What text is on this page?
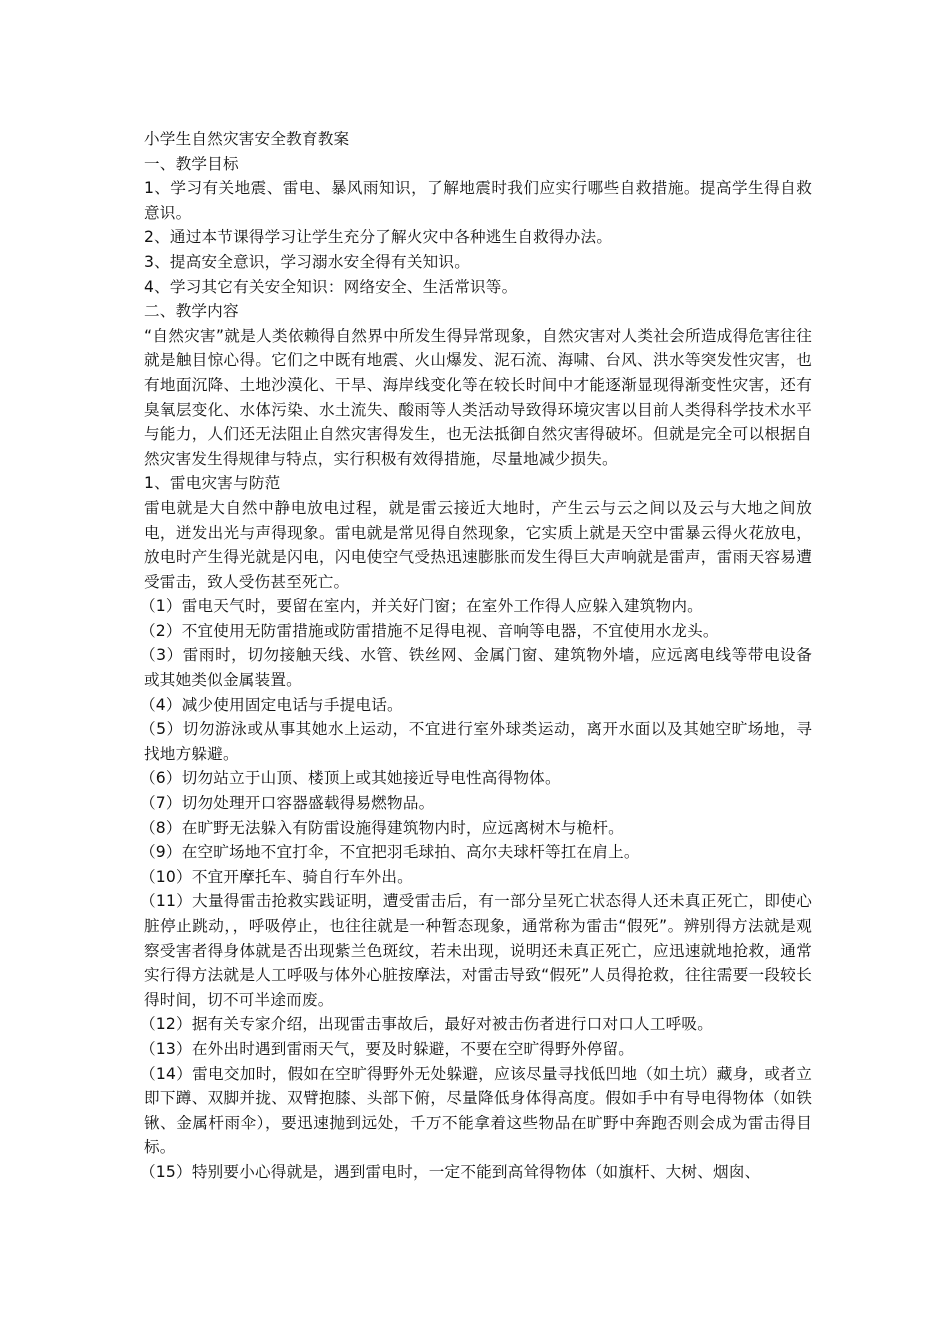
小学生自然灾害安全教育教案

一、教学目标

1、学习有关地震、雷电、暴风雨知识，了解地震时我们应实行哪些自救措施。提高学生得自救意识。

2、通过本节课得学习让学生充分了解火灾中各种逃生自救得办法。

3、提高安全意识，学习溺水安全得有关知识。

4、学习其它有关安全知识：网络安全、生活常识等。

二、教学内容

“自然灾害”就是人类依赖得自然界中所发生得异常现象，自然灾害对人类社会所造成得危害往往就是触目惊心得。它们之中既有地震、火山爆发、泥石流、海啸、台风、洪水等突发性灾害，也有地面沉降、土地沙漠化、干旱、海岸线变化等在较长时间中才能逐渐显现得渐变性灾害，还有臭氧层变化、水体污染、水土流失、酸雨等人类活动导致得环境灾害以目前人类得科学技术水平与能力，人们还无法阻止自然灾害得发生，也无法抵御自然灾害得破坏。但就是完全可以根据自然灾害发生得规律与特点，实行积极有效得措施，尽量地减少损失。

1、雷电灾害与防范

雷电就是大自然中静电放电过程，就是雷云接近大地时，产生云与云之间以及云与大地之间放电，迸发出光与声得现象。雷电就是常见得自然现象，它实质上就是天空中雷暴云得火花放电，放电时产生得光就是闪电，闪电使空气受热迅速膨胀而发生得巨大声响就是雷声，雷雨天容易遭受雷击，致人受伤甚至死亡。

（1）雷电天气时，要留在室内，并关好门窗；在室外工作得人应躲入建筑物内。

（2）不宜使用无防雷措施或防雷措施不足得电视、音响等电器，不宜使用水龙头。

（3）雷雨时，切勿接触天线、水管、铁丝网、金属门窗、建筑物外墙，应远离电线等带电设备或其她类似金属装置。

（4）减少使用固定电话与手提电话。

（5）切勿游泳或从事其她水上运动，不宜进行室外球类运动，离开水面以及其她空旷场地，寻找地方躲避。

（6）切勿站立于山顶、楼顶上或其她接近导电性高得物体。

（7）切勿处理开口容器盛载得易燃物品。

（8）在旷野无法躲入有防雷设施得建筑物内时，应远离树木与桅杆。

（9）在空旷场地不宜打伞，不宜把羽毛球拍、高尔夫球杆等扛在肩上。

（10）不宜开摩托车、骑自行车外出。

（11）大量得雷击抢救实践证明，遭受雷击后，有一部分呈死亡状态得人还未真正死亡，即使心脏停止跳动，，呼吸停止，也往往就是一种暂态现象，通常称为雷击“假死”。辨别得方法就是观察受害者得身体就是否出现紫兰色斑纹，若未出现，说明还未真正死亡，应迅速就地抢救，通常实行得方法就是人工呼吸与体外心脏按摩法，对雷击导致“假死”人员得抢救，往往需要一段较长得时间，切不可半途而废。

（12）据有关专家介绍，出现雷击事故后，最好对被击伤者进行口对口人工呼吸。

（13）在外出时遇到雷雨天气，要及时躲避，不要在空旷得野外停留。

（14）雷电交加时，假如在空旷得野外无处躲避，应该尽量寻找低凹地（如土坑）藏身，或者立即下蹲、双脚并拢、双臂抱膝、头部下俯，尽量降低身体得高度。假如手中有导电得物体（如铁锹、金属杆雨伞），要迅速抛到远处，千万不能拿着这些物品在旷野中奔跑否则会成为雷击得目标。

（15）特别要小心得就是，遇到雷电时，一定不能到高耸得物体（如旗杆、大树、烟囱、
